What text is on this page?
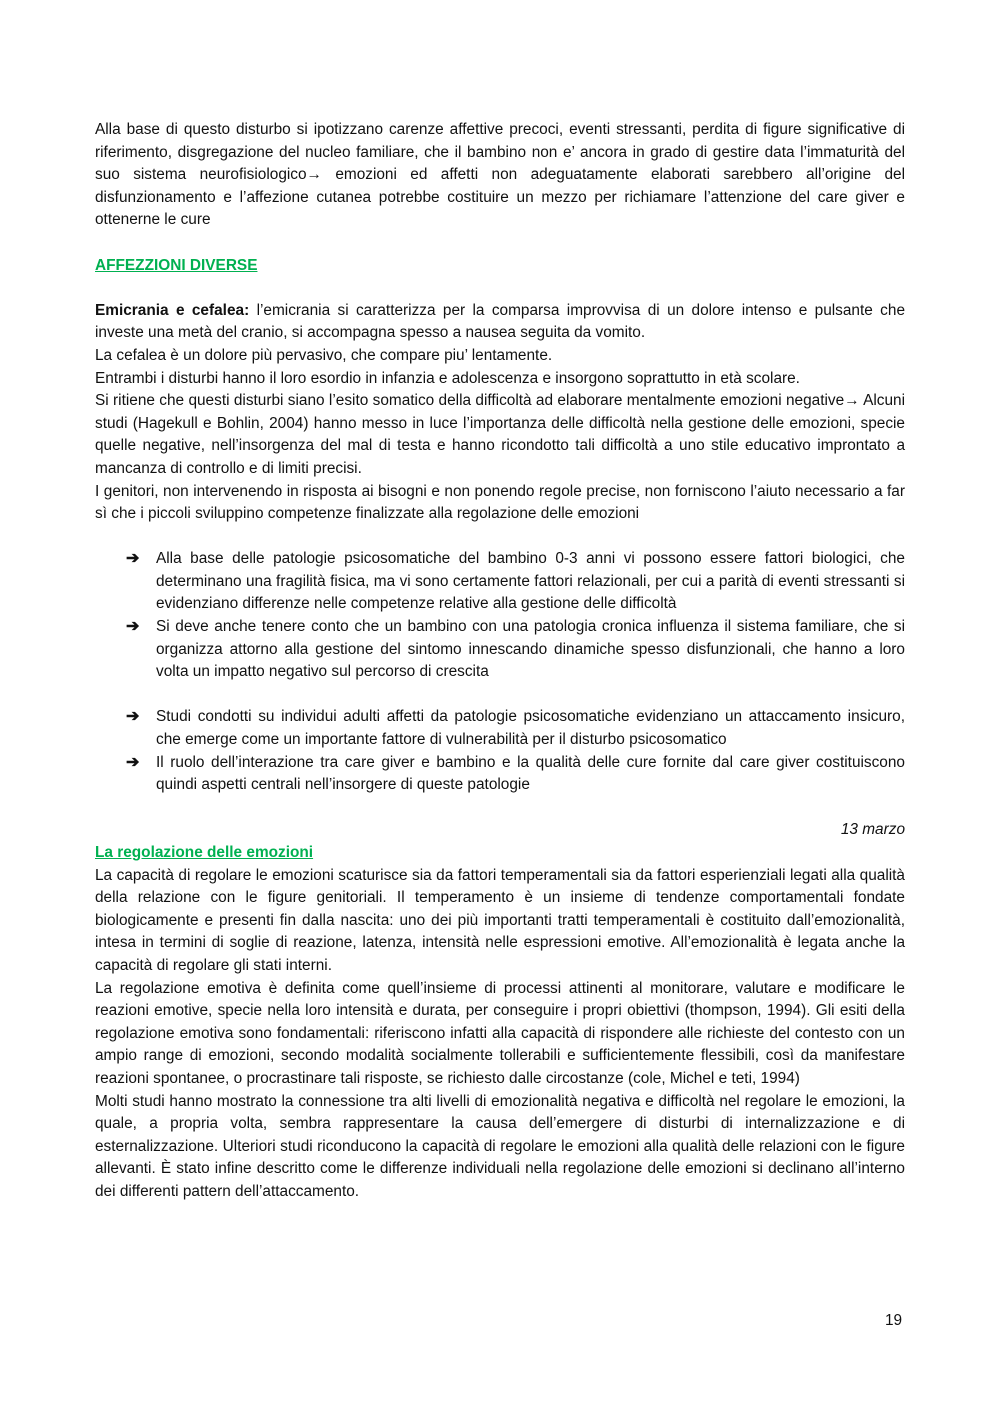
Alla base di questo disturbo si ipotizzano carenze affettive precoci, eventi stressanti, perdita di figure significative di riferimento, disgregazione del nucleo familiare, che il bambino non e’ ancora in grado di gestire data l’immaturità del suo sistema neurofisiologico→ emozioni ed affetti non adeguatamente elaborati sarebbero all’origine del disfunzionamento e l’affezione cutanea potrebbe costituire un mezzo per richiamare l’attenzione del care giver e ottenerne le cure

AFFEZZIONI DIVERSE

Emicrania e cefalea: l’emicrania si caratterizza per la comparsa improvvisa di un dolore intenso e pulsante che investe una metà del cranio, si accompagna spesso a nausea seguita da vomito.

La cefalea è un dolore più pervasivo, che compare piu’ lentamente.

Entrambi i disturbi hanno il loro esordio in infanzia e adolescenza e insorgono soprattutto in età scolare.

Si ritiene che questi disturbi siano l’esito somatico della difficoltà ad elaborare mentalmente emozioni negative→ Alcuni studi (Hagekull e Bohlin, 2004) hanno messo in luce l’importanza delle difficoltà nella gestione delle emozioni, specie quelle negative, nell’insorgenza del mal di testa e hanno ricondotto tali difficoltà a uno stile educativo improntato a mancanza di controllo e di limiti precisi.

I genitori, non intervenendo in risposta ai bisogni e non ponendo regole precise, non forniscono l’aiuto necessario a far sì che i piccoli sviluppino competenze finalizzate alla regolazione delle emozioni

➔ Alla base delle patologie psicosomatiche del bambino 0-3 anni vi possono essere fattori biologici, che determinano una fragilità fisica, ma vi sono certamente fattori relazionali, per cui a parità di eventi stressanti si evidenziano differenze nelle competenze relative alla gestione delle difficoltà
➔ Si deve anche tenere conto che un bambino con una patologia cronica influenza il sistema familiare, che si organizza attorno alla gestione del sintomo innescando dinamiche spesso disfunzionali, che hanno a loro volta un impatto negativo sul percorso di crescita
➔ Studi condotti su individui adulti affetti da patologie psicosomatiche evidenziano un attaccamento insicuro, che emerge come un importante fattore di vulnerabilità per il disturbo psicosomatico
➔ Il ruolo dell’interazione tra care giver e bambino e la qualità delle cure fornite dal care giver costituiscono quindi aspetti centrali nell’insorgere di queste patologie

13 marzo

La regolazione delle emozioni

La capacità di regolare le emozioni scaturisce sia da fattori temperamentali sia da fattori esperienziali legati alla qualità della relazione con le figure genitoriali. Il temperamento è un insieme di tendenze comportamentali fondate biologicamente e presenti fin dalla nascita: uno dei più importanti tratti temperamentali è costituito dall’emozionalità, intesa in termini di soglie di reazione, latenza, intensità nelle espressioni emotive. All’emozionalità è legata anche la capacità di regolare gli stati interni.

La regolazione emotiva è definita come quell’insieme di processi attinenti al monitorare, valutare e modificare le reazioni emotive, specie nella loro intensità e durata, per conseguire i propri obiettivi (thompson, 1994). Gli esiti della regolazione emotiva sono fondamentali: riferiscono infatti alla capacità di rispondere alle richieste del contesto con un ampio range di emozioni, secondo modalità socialmente tollerabili e sufficientemente flessibili, così da manifestare reazioni spontanee, o procrastinare tali risposte, se richiesto dalle circostanze (cole, Michel e teti, 1994)

Molti studi hanno mostrato la connessione tra alti livelli di emozionalità negativa e difficoltà nel regolare le emozioni, la quale, a propria volta, sembra rappresentare la causa dell’emergere di disturbi di internalizzazione e di esternalizzazione. Ulteriori studi riconducono la capacità di regolare le emozioni alla qualità delle relazioni con le figure allevanti. È stato infine descritto come le differenze individuali nella regolazione delle emozioni si declinano all’interno dei differenti pattern dell’attaccamento.

19
